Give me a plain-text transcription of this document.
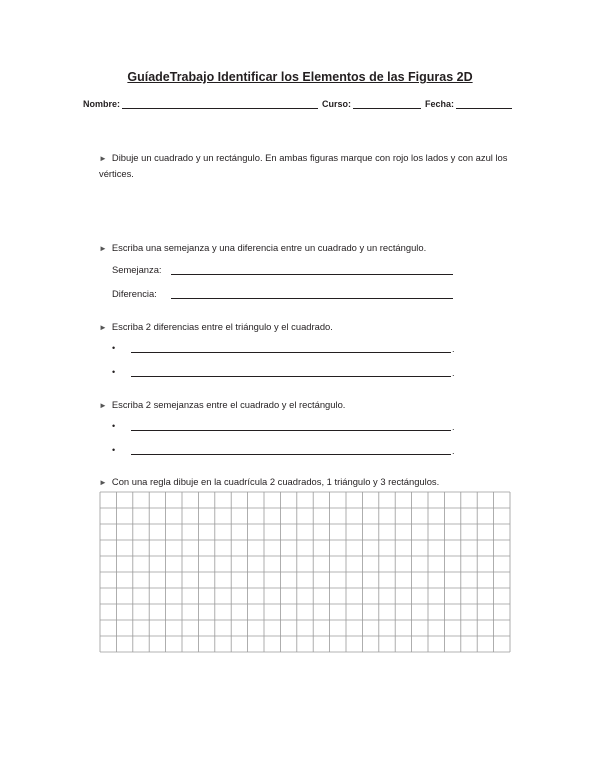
GuíadeTrabajo Identificar los Elementos de las Figuras 2D
Nombre:	Curso:	Fecha:
► Dibuje un cuadrado y un rectángulo. En ambas figuras marque con rojo los lados y con azul los vértices.
► Escriba una semejanza y una diferencia entre un cuadrado y un rectángulo.
Semejanza:
Diferencia:
► Escriba 2 diferencias entre el triángulo y el cuadrado.
•	.
•	.
► Escriba 2 semejanzas entre el cuadrado y el rectángulo.
•	.
•	.
► Con una regla dibuje en la cuadrícula 2 cuadrados, 1 triángulo y 3 rectángulos.
